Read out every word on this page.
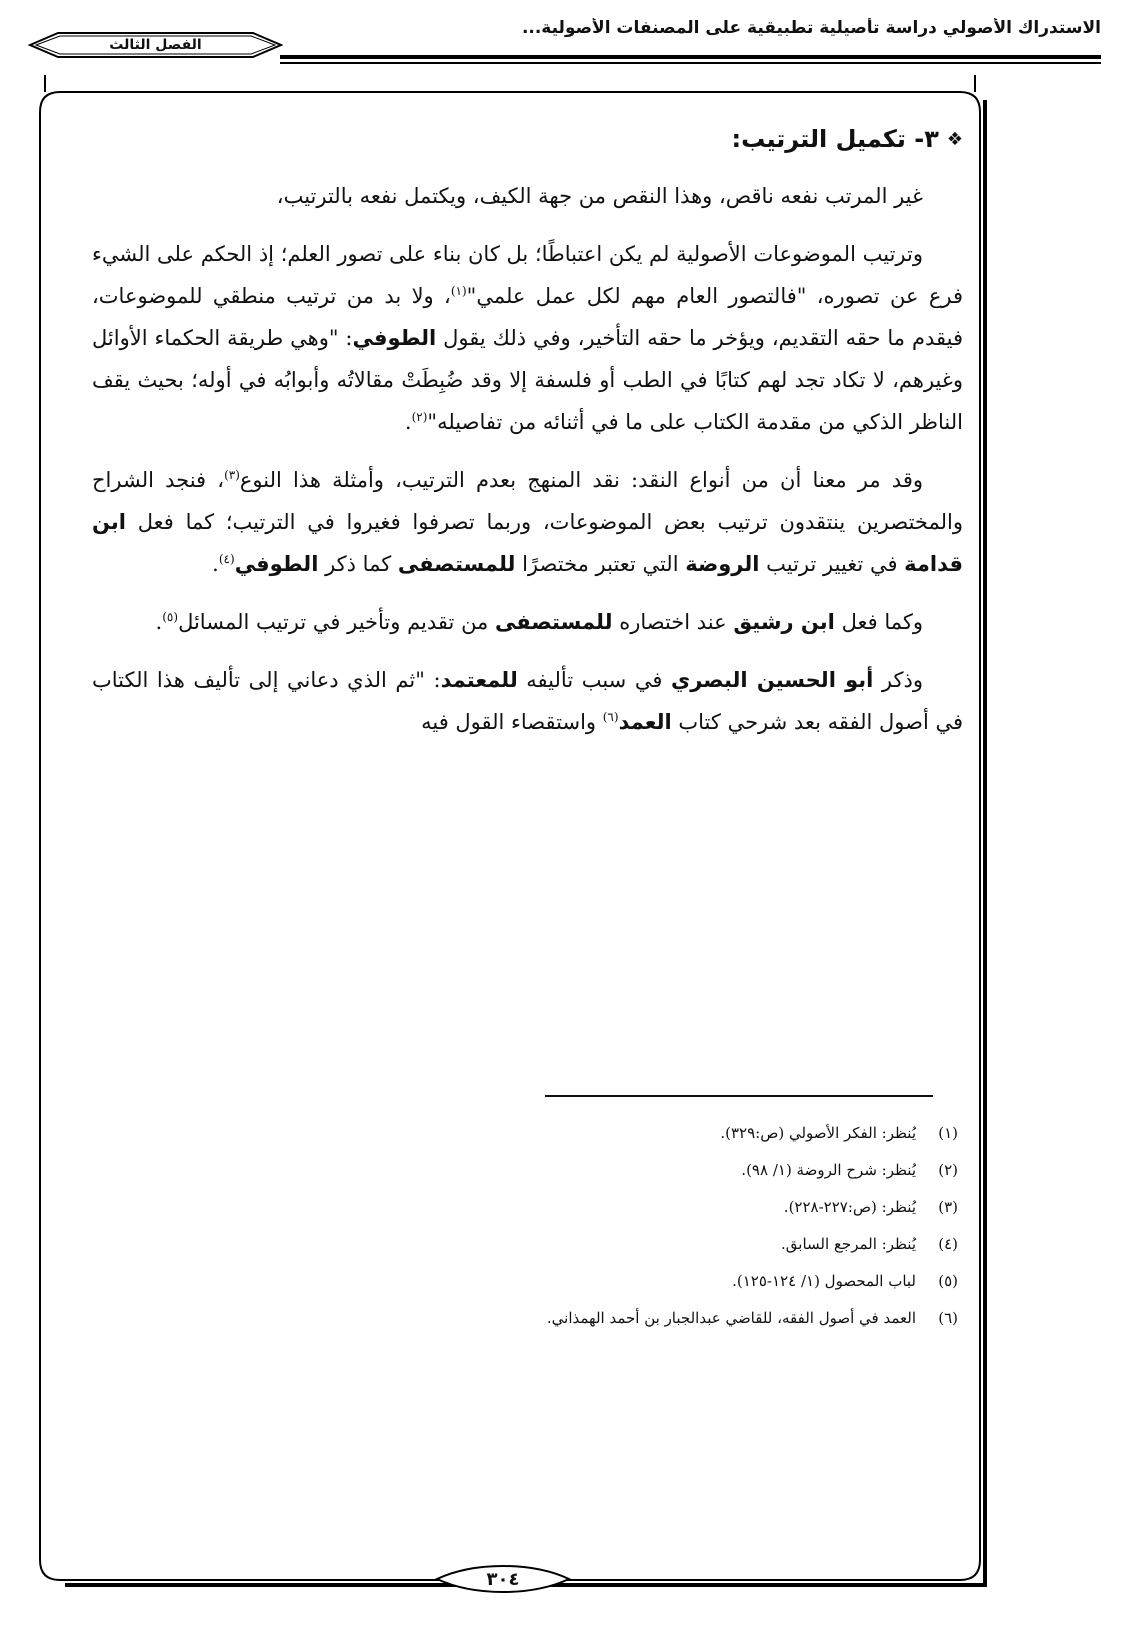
الاستدراك الأصولي دراسة تأصيلية تطبيقية على المصنفات الأصولية...
الفصل الثالث
❖
٣- تكميل الترتيب:

غير المرتب نفعه ناقص، وهذا النقص من جهة الكيف، ويكتمل نفعه بالترتيب،

وترتيب الموضوعات الأصولية لم يكن اعتباطًا؛ بل كان بناء على تصور العلم؛ إذ الحكم على الشيء فرع عن تصوره، "فالتصور العام مهم لكل عمل علمي"$^{(١)}$، ولا بد من ترتيب منطقي للموضوعات، فيقدم ما حقه التقديم، ويؤخر ما حقه التأخير، وفي ذلك يقول الطوفي: "وهي طريقة الحكماء الأوائل وغيرهم، لا تكاد تجد لهم كتابًا في الطب أو فلسفة إلا وقد ضُبِطَتْ مقالاتُه وأبوابُه في أوله؛ بحيث يقف الناظر الذكي من مقدمة الكتاب على ما في أثنائه من تفاصيله"$^{(٢)}$.

وقد مر معنا أن من أنواع النقد: نقد المنهج بعدم الترتيب، وأمثلة هذا النوع$^{(٣)}$، فنجد الشراح والمختصرين ينتقدون ترتيب بعض الموضوعات، وربما تصرفوا فغيروا في الترتيب؛ كما فعل ابن قدامة في تغيير ترتيب الروضة التي تعتبر مختصرًا للمستصفى كما ذكر الطوفي$^{(٤)}$.

وكما فعل ابن رشيق عند اختصاره للمستصفى من تقديم وتأخير في ترتيب المسائل$^{(٥)}$.

وذكر أبو الحسين البصري في سبب تأليفه للمعتمد: "ثم الذي دعاني إلى تأليف هذا الكتاب في أصول الفقه بعد شرحي كتاب العمد$^{(٦)}$ واستقصاء القول فيه

(١)
يُنظر: الفكر الأصولي (ص:٣٢٩).
(٢)
يُنظر: شرح الروضة (١/ ٩٨).
(٣)
يُنظر: (ص:٢٢٧-٢٢٨).
(٤)
يُنظر: المرجع السابق.
(٥)
لباب المحصول (١/ ١٢٤-١٢٥).
(٦)
العمد في أصول الفقه، للقاضي عبدالجبار بن أحمد الهمذاني.
٣٠٤
